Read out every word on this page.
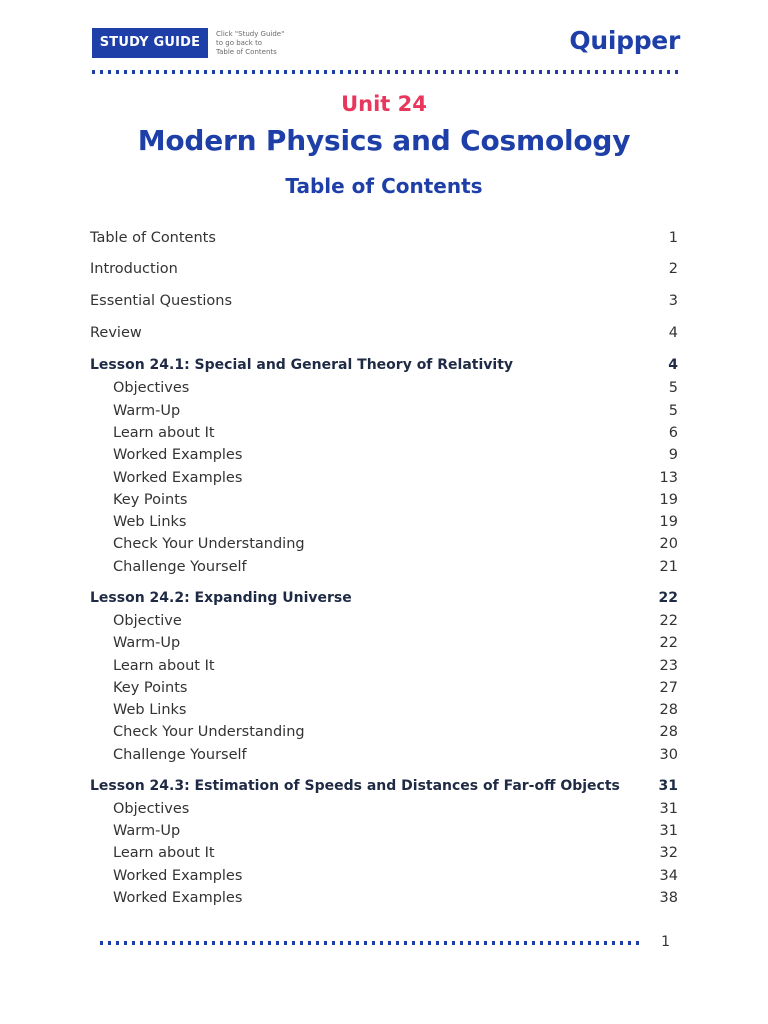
STUDY GUIDE
Click "Study Guide"
to go back to
Table of Contents	Quipper
Unit 24
Modern Physics and Cosmology
Table of Contents
Table of Contents	1
Introduction	2
Essential Questions	3
Review	4
Lesson 24.1: Special and General Theory of Relativity	4
Objectives	5
Warm-Up	5
Learn about It	6
Worked Examples	9
Worked Examples	13
Key Points	19
Web Links	19
Check Your Understanding	20
Challenge Yourself	21
Lesson 24.2: Expanding Universe	22
Objective	22
Warm-Up	22
Learn about It	23
Key Points	27
Web Links	28
Check Your Understanding	28
Challenge Yourself	30
Lesson 24.3: Estimation of Speeds and Distances of Far-off Objects	31
Objectives	31
Warm-Up	31
Learn about It	32
Worked Examples	34
Worked Examples	38
1
